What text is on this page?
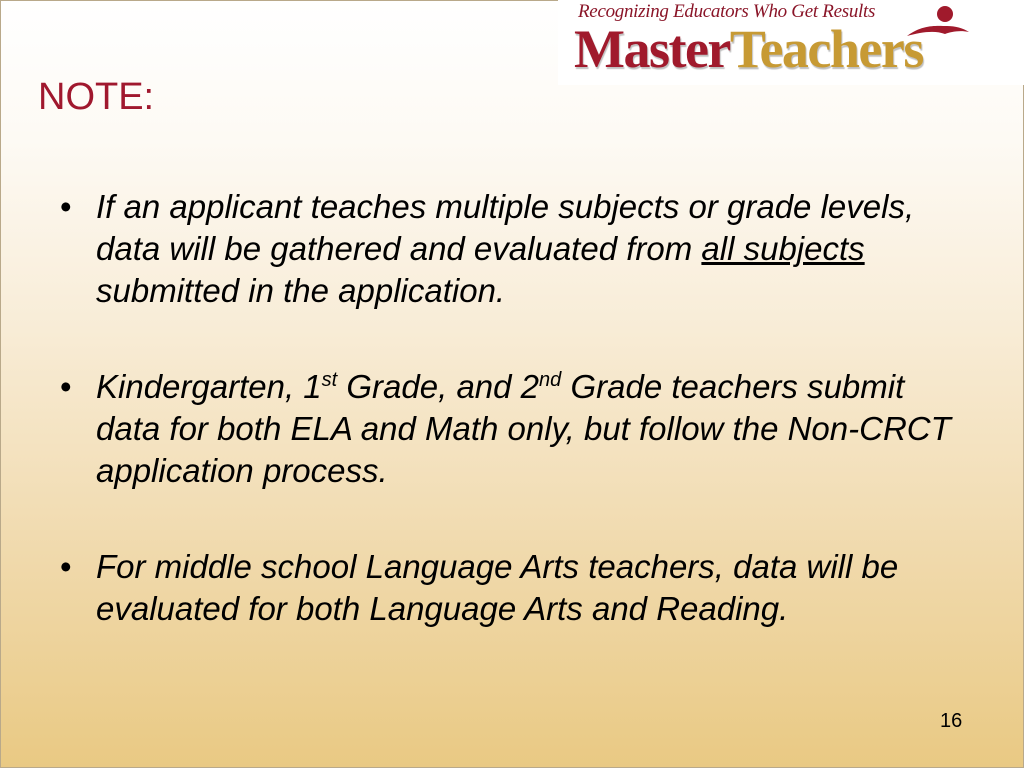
Recognizing Educators Who Get Results
MasterTeachers
NOTE:
• If an applicant teaches multiple subjects or grade levels, data will be gathered and evaluated from all subjects submitted in the application.
• Kindergarten, 1st Grade, and 2nd Grade teachers submit data for both ELA and Math only, but follow the Non-CRCT application process.
• For middle school Language Arts teachers, data will be evaluated for both Language Arts and Reading.
16
